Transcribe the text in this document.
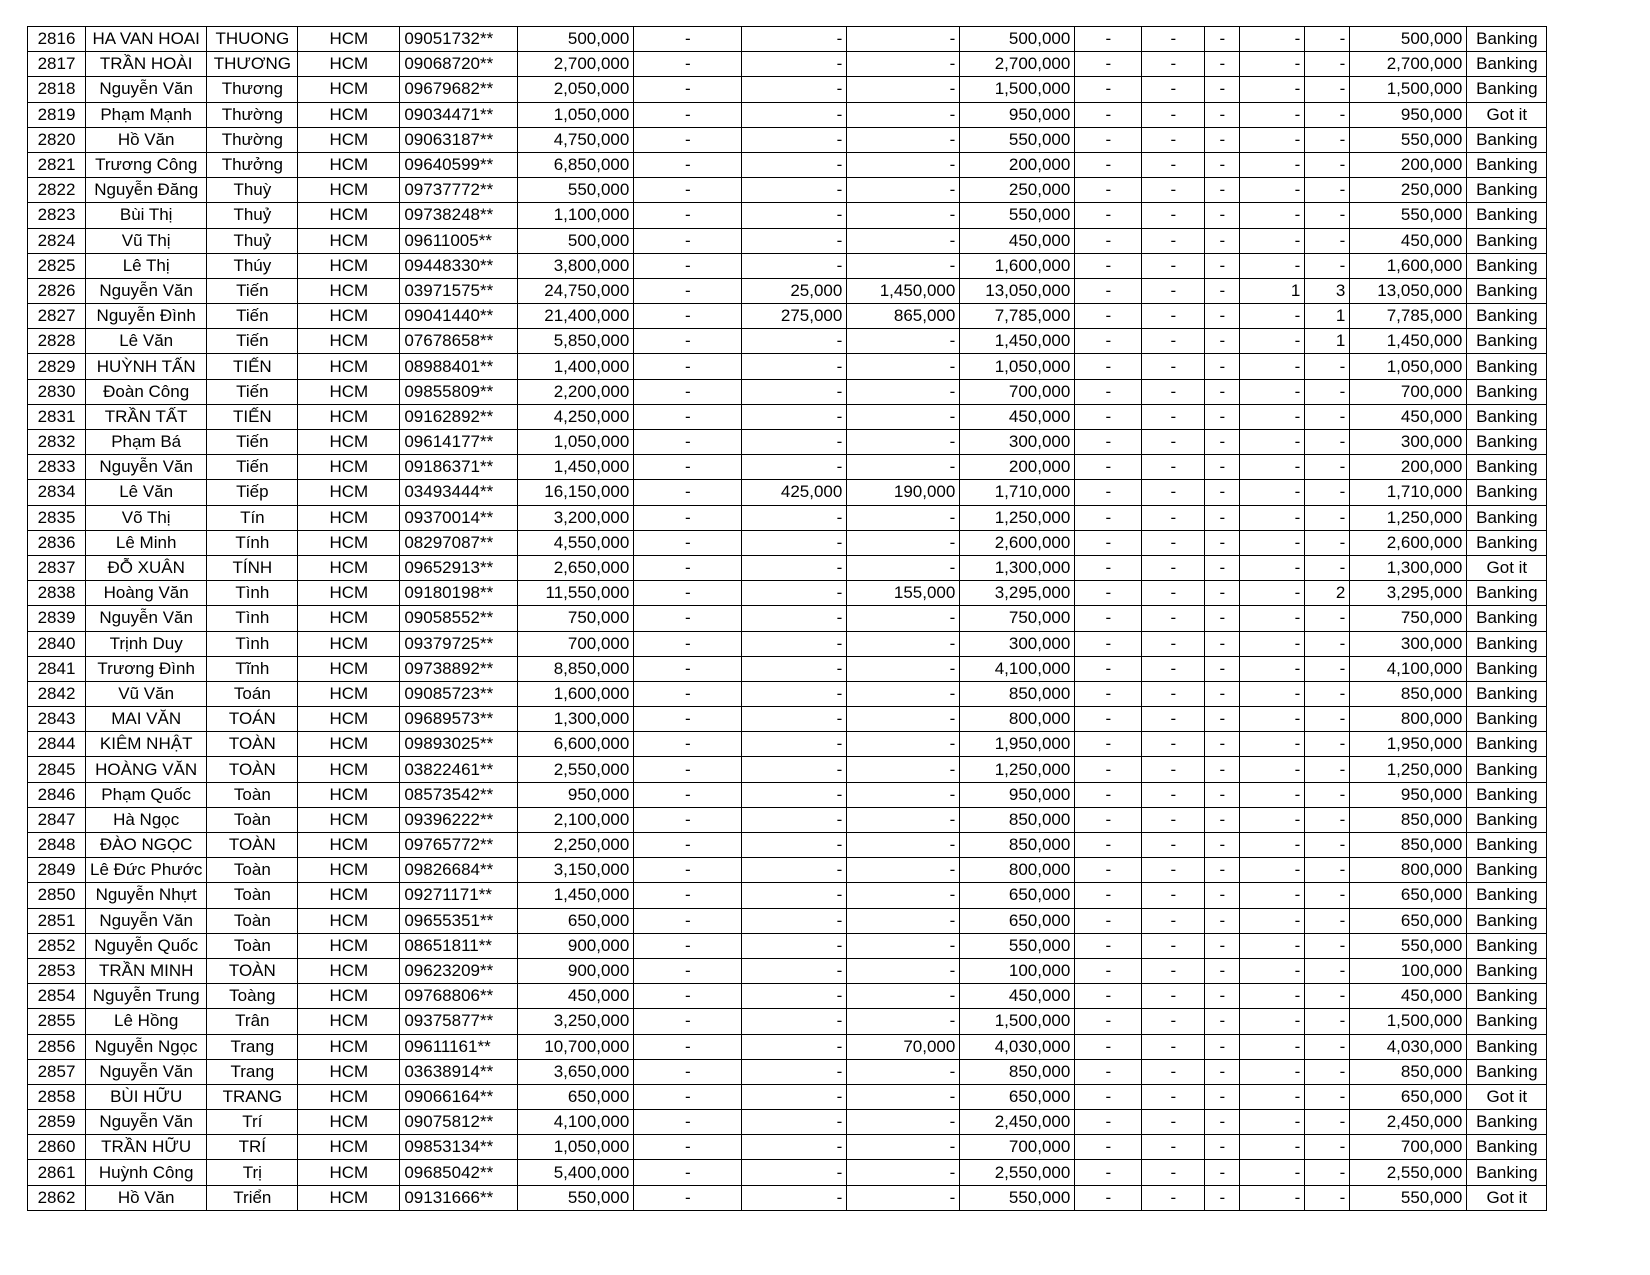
2816	HA VAN HOAI	THUONG	HCM	09051732**	500,000	-	-	-	500,000	-	-	-	-	-	500,000	Banking
2817	TRẦN HOÀI	THƯƠNG	HCM	09068720**	2,700,000	-	-	-	2,700,000	-	-	-	-	-	2,700,000	Banking
2818	Nguyễn Văn	Thương	HCM	09679682**	2,050,000	-	-	-	1,500,000	-	-	-	-	-	1,500,000	Banking
2819	Phạm Mạnh	Thường	HCM	09034471**	1,050,000	-	-	-	950,000	-	-	-	-	-	950,000	Got it
2820	Hồ Văn	Thường	HCM	09063187**	4,750,000	-	-	-	550,000	-	-	-	-	-	550,000	Banking
2821	Trương Công	Thưởng	HCM	09640599**	6,850,000	-	-	-	200,000	-	-	-	-	-	200,000	Banking
2822	Nguyễn Đăng	Thuỳ	HCM	09737772**	550,000	-	-	-	250,000	-	-	-	-	-	250,000	Banking
2823	Bùi Thị	Thuỷ	HCM	09738248**	1,100,000	-	-	-	550,000	-	-	-	-	-	550,000	Banking
2824	Vũ Thị	Thuỷ	HCM	09611005**	500,000	-	-	-	450,000	-	-	-	-	-	450,000	Banking
2825	Lê Thị	Thúy	HCM	09448330**	3,800,000	-	-	-	1,600,000	-	-	-	-	-	1,600,000	Banking
2826	Nguyễn Văn	Tiến	HCM	03971575**	24,750,000	-	25,000	1,450,000	13,050,000	-	-	-	1	3	13,050,000	Banking
2827	Nguyễn Đình	Tiến	HCM	09041440**	21,400,000	-	275,000	865,000	7,785,000	-	-	-	-	1	7,785,000	Banking
2828	Lê Văn	Tiến	HCM	07678658**	5,850,000	-	-	-	1,450,000	-	-	-	-	1	1,450,000	Banking
2829	HUỲNH TẤN	TIẾN	HCM	08988401**	1,400,000	-	-	-	1,050,000	-	-	-	-	-	1,050,000	Banking
2830	Đoàn Công	Tiến	HCM	09855809**	2,200,000	-	-	-	700,000	-	-	-	-	-	700,000	Banking
2831	TRẦN TẤT	TIẾN	HCM	09162892**	4,250,000	-	-	-	450,000	-	-	-	-	-	450,000	Banking
2832	Phạm Bá	Tiến	HCM	09614177**	1,050,000	-	-	-	300,000	-	-	-	-	-	300,000	Banking
2833	Nguyễn Văn	Tiến	HCM	09186371**	1,450,000	-	-	-	200,000	-	-	-	-	-	200,000	Banking
2834	Lê Văn	Tiếp	HCM	03493444**	16,150,000	-	425,000	190,000	1,710,000	-	-	-	-	-	1,710,000	Banking
2835	Võ Thị	Tín	HCM	09370014**	3,200,000	-	-	-	1,250,000	-	-	-	-	-	1,250,000	Banking
2836	Lê Minh	Tính	HCM	08297087**	4,550,000	-	-	-	2,600,000	-	-	-	-	-	2,600,000	Banking
2837	ĐỖ XUÂN	TÍNH	HCM	09652913**	2,650,000	-	-	-	1,300,000	-	-	-	-	-	1,300,000	Got it
2838	Hoàng Văn	Tình	HCM	09180198**	11,550,000	-	-	155,000	3,295,000	-	-	-	-	2	3,295,000	Banking
2839	Nguyễn Văn	Tình	HCM	09058552**	750,000	-	-	-	750,000	-	-	-	-	-	750,000	Banking
2840	Trịnh Duy	Tình	HCM	09379725**	700,000	-	-	-	300,000	-	-	-	-	-	300,000	Banking
2841	Trương Đình	Tĩnh	HCM	09738892**	8,850,000	-	-	-	4,100,000	-	-	-	-	-	4,100,000	Banking
2842	Vũ Văn	Toán	HCM	09085723**	1,600,000	-	-	-	850,000	-	-	-	-	-	850,000	Banking
2843	MAI VĂN	TOÁN	HCM	09689573**	1,300,000	-	-	-	800,000	-	-	-	-	-	800,000	Banking
2844	KIÊM NHẬT	TOÀN	HCM	09893025**	6,600,000	-	-	-	1,950,000	-	-	-	-	-	1,950,000	Banking
2845	HOÀNG VĂN	TOÀN	HCM	03822461**	2,550,000	-	-	-	1,250,000	-	-	-	-	-	1,250,000	Banking
2846	Phạm Quốc	Toàn	HCM	08573542**	950,000	-	-	-	950,000	-	-	-	-	-	950,000	Banking
2847	Hà Ngọc	Toàn	HCM	09396222**	2,100,000	-	-	-	850,000	-	-	-	-	-	850,000	Banking
2848	ĐÀO NGỌC	TOÀN	HCM	09765772**	2,250,000	-	-	-	850,000	-	-	-	-	-	850,000	Banking
2849	Lê Đức Phước	Toàn	HCM	09826684**	3,150,000	-	-	-	800,000	-	-	-	-	-	800,000	Banking
2850	Nguyễn Nhựt	Toàn	HCM	09271171**	1,450,000	-	-	-	650,000	-	-	-	-	-	650,000	Banking
2851	Nguyễn Văn	Toàn	HCM	09655351**	650,000	-	-	-	650,000	-	-	-	-	-	650,000	Banking
2852	Nguyễn Quốc	Toàn	HCM	08651811**	900,000	-	-	-	550,000	-	-	-	-	-	550,000	Banking
2853	TRẦN MINH	TOÀN	HCM	09623209**	900,000	-	-	-	100,000	-	-	-	-	-	100,000	Banking
2854	Nguyễn Trung	Toàng	HCM	09768806**	450,000	-	-	-	450,000	-	-	-	-	-	450,000	Banking
2855	Lê Hồng	Trân	HCM	09375877**	3,250,000	-	-	-	1,500,000	-	-	-	-	-	1,500,000	Banking
2856	Nguyễn Ngọc	Trang	HCM	09611161**	10,700,000	-	-	70,000	4,030,000	-	-	-	-	-	4,030,000	Banking
2857	Nguyễn Văn	Trang	HCM	03638914**	3,650,000	-	-	-	850,000	-	-	-	-	-	850,000	Banking
2858	BÙI HỮU	TRANG	HCM	09066164**	650,000	-	-	-	650,000	-	-	-	-	-	650,000	Got it
2859	Nguyễn Văn	Trí	HCM	09075812**	4,100,000	-	-	-	2,450,000	-	-	-	-	-	2,450,000	Banking
2860	TRẦN HỮU	TRÍ	HCM	09853134**	1,050,000	-	-	-	700,000	-	-	-	-	-	700,000	Banking
2861	Huỳnh Công	Trị	HCM	09685042**	5,400,000	-	-	-	2,550,000	-	-	-	-	-	2,550,000	Banking
2862	Hồ Văn	Triển	HCM	09131666**	550,000	-	-	-	550,000	-	-	-	-	-	550,000	Got it
